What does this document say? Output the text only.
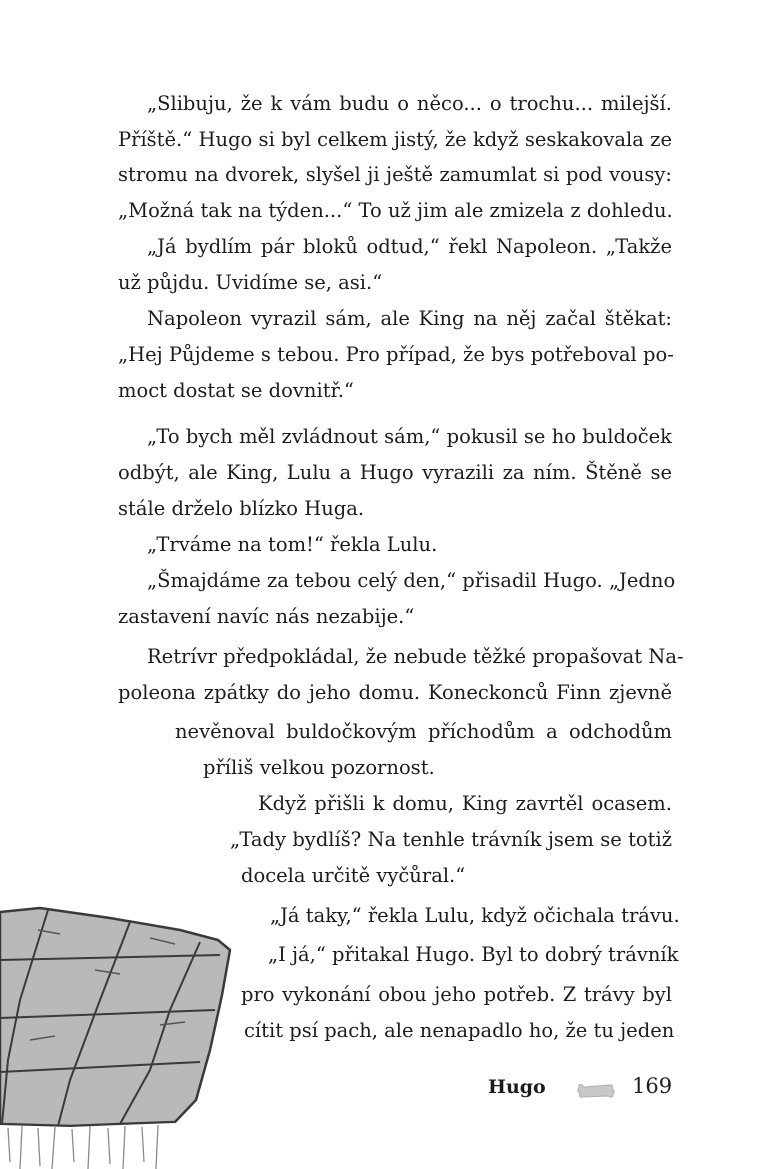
„Slibuju, že k vám budu o něco... o trochu... milejší.
Příště.“ Hugo si byl celkem jistý, že když seskakovala ze
stromu na dvorek, slyšel ji ještě zamumlat si pod vousy:
„Možná tak na týden...“ To už jim ale zmizela z dohledu.
„Já bydlím pár bloků odtud,“ řekl Napoleon. „Takže
už půjdu. Uvidíme se, asi.“
Napoleon vyrazil sám, ale King na něj začal štěkat:
„Hej Půjdeme s tebou. Pro případ, že bys potřeboval po-
moct dostat se dovnitř.“
„To bych měl zvládnout sám,“ pokusil se ho buldoček
odbýt, ale King, Lulu a Hugo vyrazili za ním. Štěně se
stále drželo blízko Huga.
„Trváme na tom!“ řekla Lulu.
„Šmajdáme za tebou celý den,“ přisadil Hugo. „Jedno
zastavení navíc nás nezabije.“
Retrívr předpokládal, že nebude těžké propašovat Na-
poleona zpátky do jeho domu. Koneckonců Finn zjevně
nevěnoval buldočkovým příchodům a odchodům
příliš velkou pozornost.
Když přišli k domu, King zavrtěl ocasem.
„Tady bydlíš? Na tenhle trávník jsem se totiž
docela určitě vyčůral.“
„Já taky,“ řekla Lulu, když očichala trávu.
„I já,“ přitakal Hugo. Byl to dobrý trávník
pro vykonání obou jeho potřeb. Z trávy byl
cítit psí pach, ale nenapadlo ho, že tu jeden
Hugo	169
